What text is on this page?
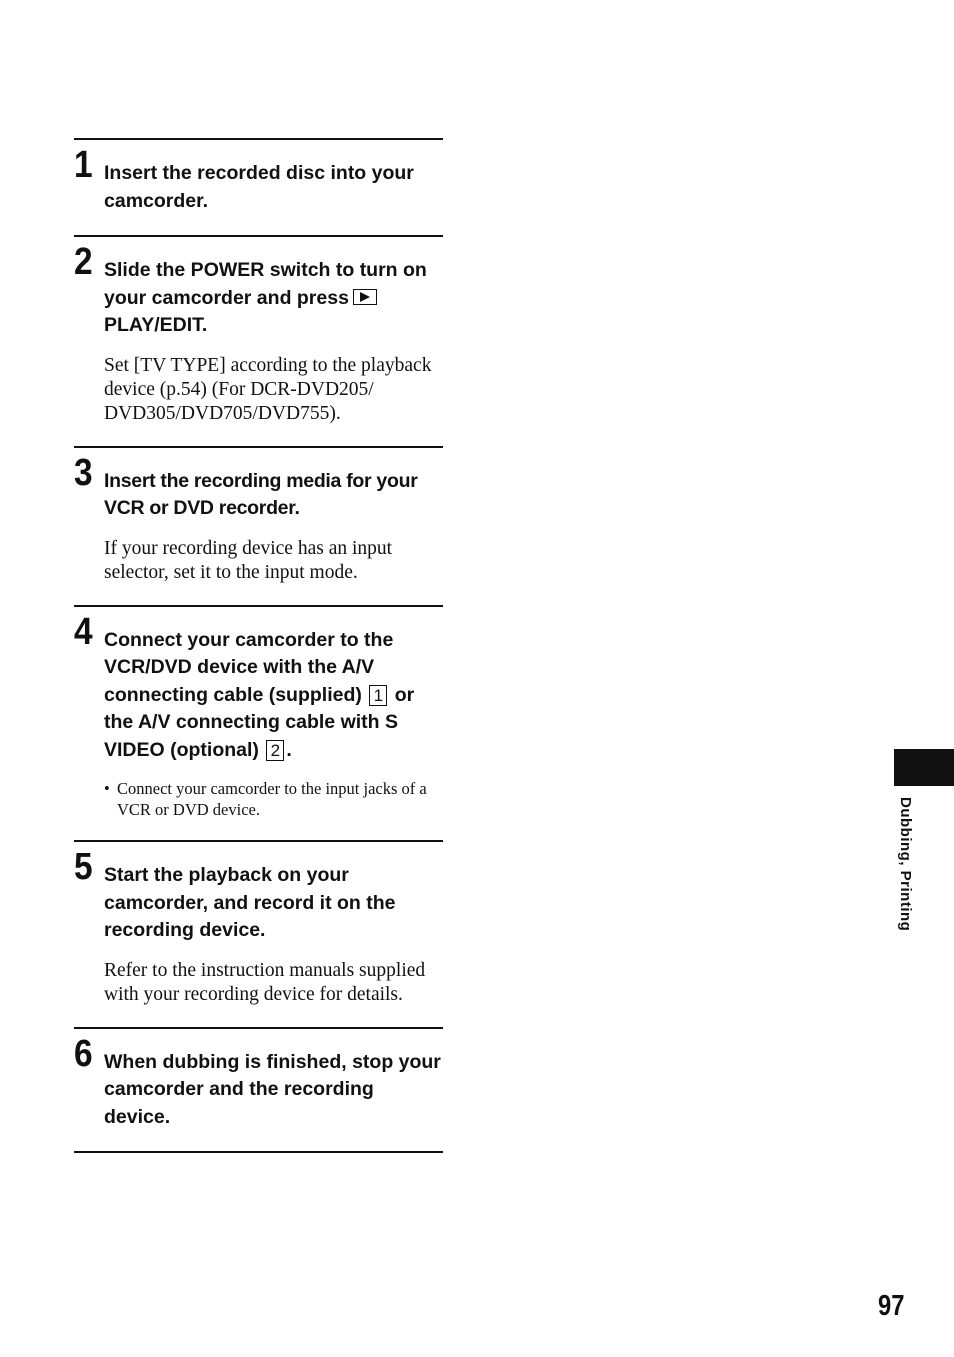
1 Insert the recorded disc into your camcorder.
2 Slide the POWER switch to turn on your camcorder and press
PLAY/EDIT.
Set [TV TYPE] according to the playback device (p.54) (For DCR-DVD205/ DVD305/DVD705/DVD755).
3 Insert the recording media for your VCR or DVD recorder.
If your recording device has an input selector, set it to the input mode.
4 Connect your camcorder to the VCR/DVD device with the A/V connecting cable (supplied) 1 or the A/V connecting cable with S VIDEO (optional) 2 .
• Connect your camcorder to the input jacks of a VCR or DVD device.
5 Start the playback on your camcorder, and record it on the recording device.
Refer to the instruction manuals supplied with your recording device for details.
6 When dubbing is finished, stop your camcorder and the recording device.
Dubbing, Printing
97
